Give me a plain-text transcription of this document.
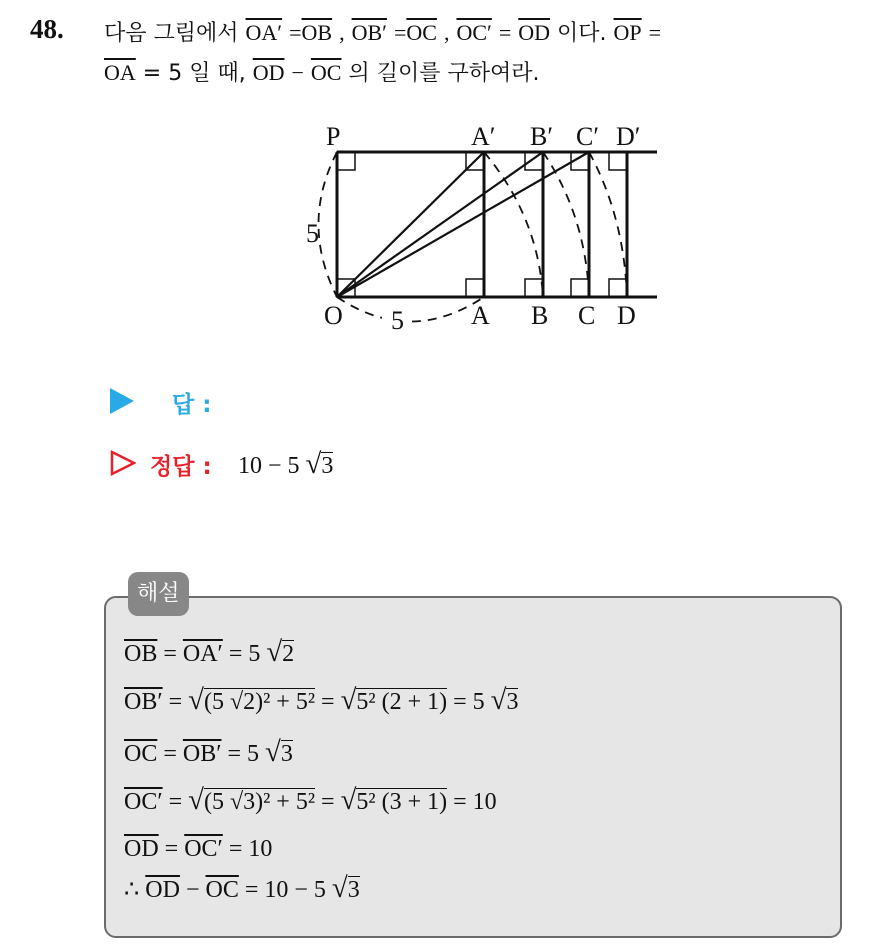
48. 다음 그림에서 $OA' =\overline{OB}$ , $OB' =\overline{OC}$ , $OC' = \overline{OD}$ 이다. $\overline{OP}$ =
$\overline{OA} = 5$ 일 때, $\overline{OD} - \overline{OC}$ 의 길이를 구하여라.
P	A′ B′ C′ D′
O	A B C D
5
5
답 :
정답 : 10 − 5 √3
해설
$\overline{OB} = OA' = 5$ √2
OB′ = √(5 √2)² + 5² = √5² (2 + 1) = 5 √3
$\overline{OC} = OB' = 5$ √3
OC′ = √(5 √3)² + 5² = √5² (3 + 1) = 10
$\overline{OD} = OC' = 10$
∴ $\overline{OD} - \overline{OC} = 10 - 5$ √3
